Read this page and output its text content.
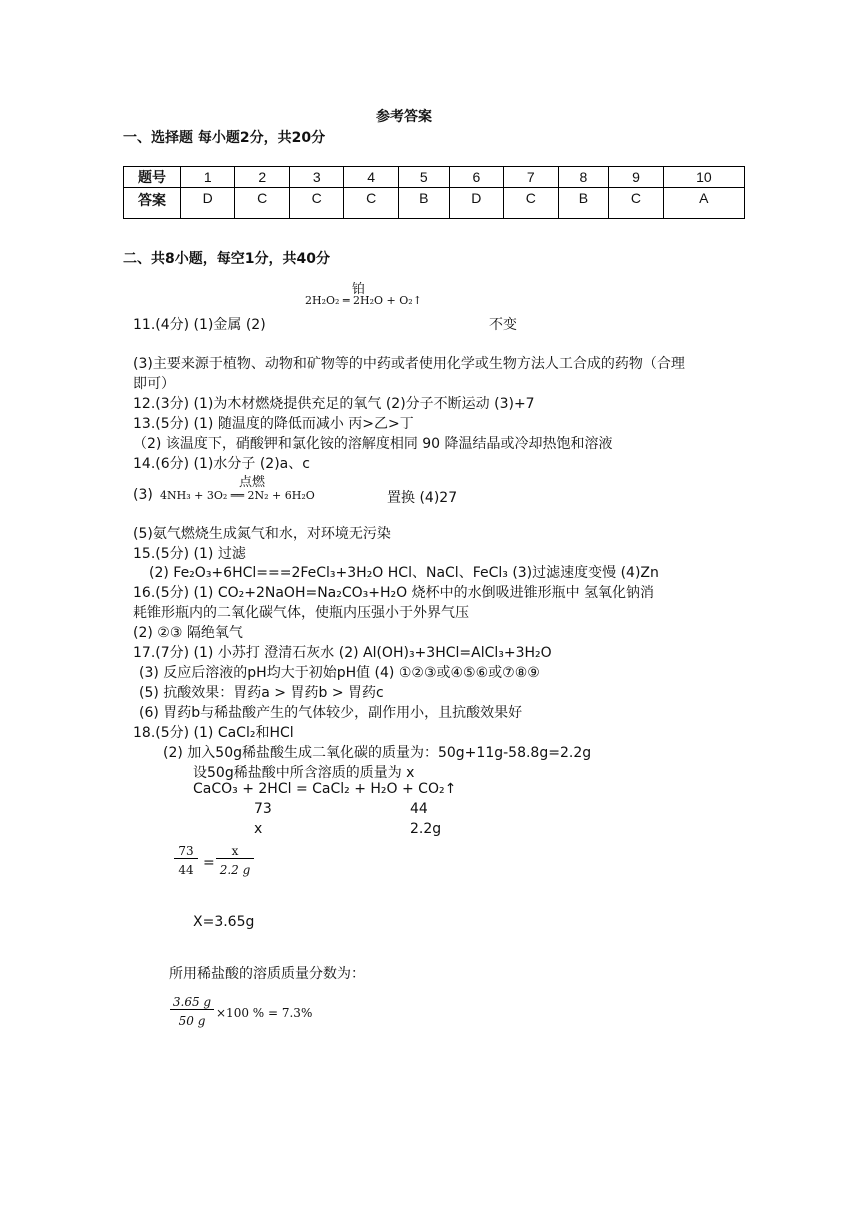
参考答案
一、选择题 每小题2分，共20分
题号	1	2	3	4	5	6	7	8	9	10
答案	D	C	C	C	B	D	C	B	C	A
二、共8小题，每空1分，共40分
铂
2H₂O₂ ═ 2H₂O + O₂↑
11.(4分) (1)金属 (2)	不变
(3)主要来源于植物、动物和矿物等的中药或者使用化学或生物方法人工合成的药物（合理
即可）
12.(3分) (1)为木材燃烧提供充足的氧气 (2)分子不断运动 (3)+7
13.(5分) (1) 随温度的降低而减小 丙>乙>丁
（2) 该温度下，硝酸钾和氯化铵的溶解度相同 90 降温结晶或冷却热饱和溶液
14.(6分) (1)水分子 (2)a、c
点燃
(3) 4NH₃ + 3O₂ ══ 2N₂ + 6H₂O	置换 (4)27
(5)氨气燃烧生成氮气和水，对环境无污染
15.(5分) (1) 过滤
(2) Fe₂O₃+6HCl===2FeCl₃+3H₂O HCl、NaCl、FeCl₃ (3)过滤速度变慢 (4)Zn
16.(5分) (1) CO₂+2NaOH=Na₂CO₃+H₂O 烧杯中的水倒吸进锥形瓶中 氢氧化钠消
耗锥形瓶内的二氧化碳气体，使瓶内压强小于外界气压
(2) ②③ 隔绝氧气
17.(7分) (1) 小苏打 澄清石灰水 (2) Al(OH)₃+3HCl=AlCl₃+3H₂O
(3) 反应后溶液的pH均大于初始pH值 (4) ①②③或④⑤⑥或⑦⑧⑨
(5) 抗酸效果：胃药a > 胃药b > 胃药c
(6) 胃药b与稀盐酸产生的气体较少，副作用小，且抗酸效果好
18.(5分) (1) CaCl₂和HCl
(2) 加入50g稀盐酸生成二氧化碳的质量为：50g+11g-58.8g=2.2g
设50g稀盐酸中所含溶质的质量为 x
CaCO₃ + 2HCl = CaCl₂ + H₂O + CO₂↑
73	44
x	2.2g
$\frac{73}{44} = \frac{x}{2.2 g}$
X=3.65g
所用稀盐酸的溶质质量分数为：
$\frac{3.65 g}{50 g} \times 100$ % = 7.3%
